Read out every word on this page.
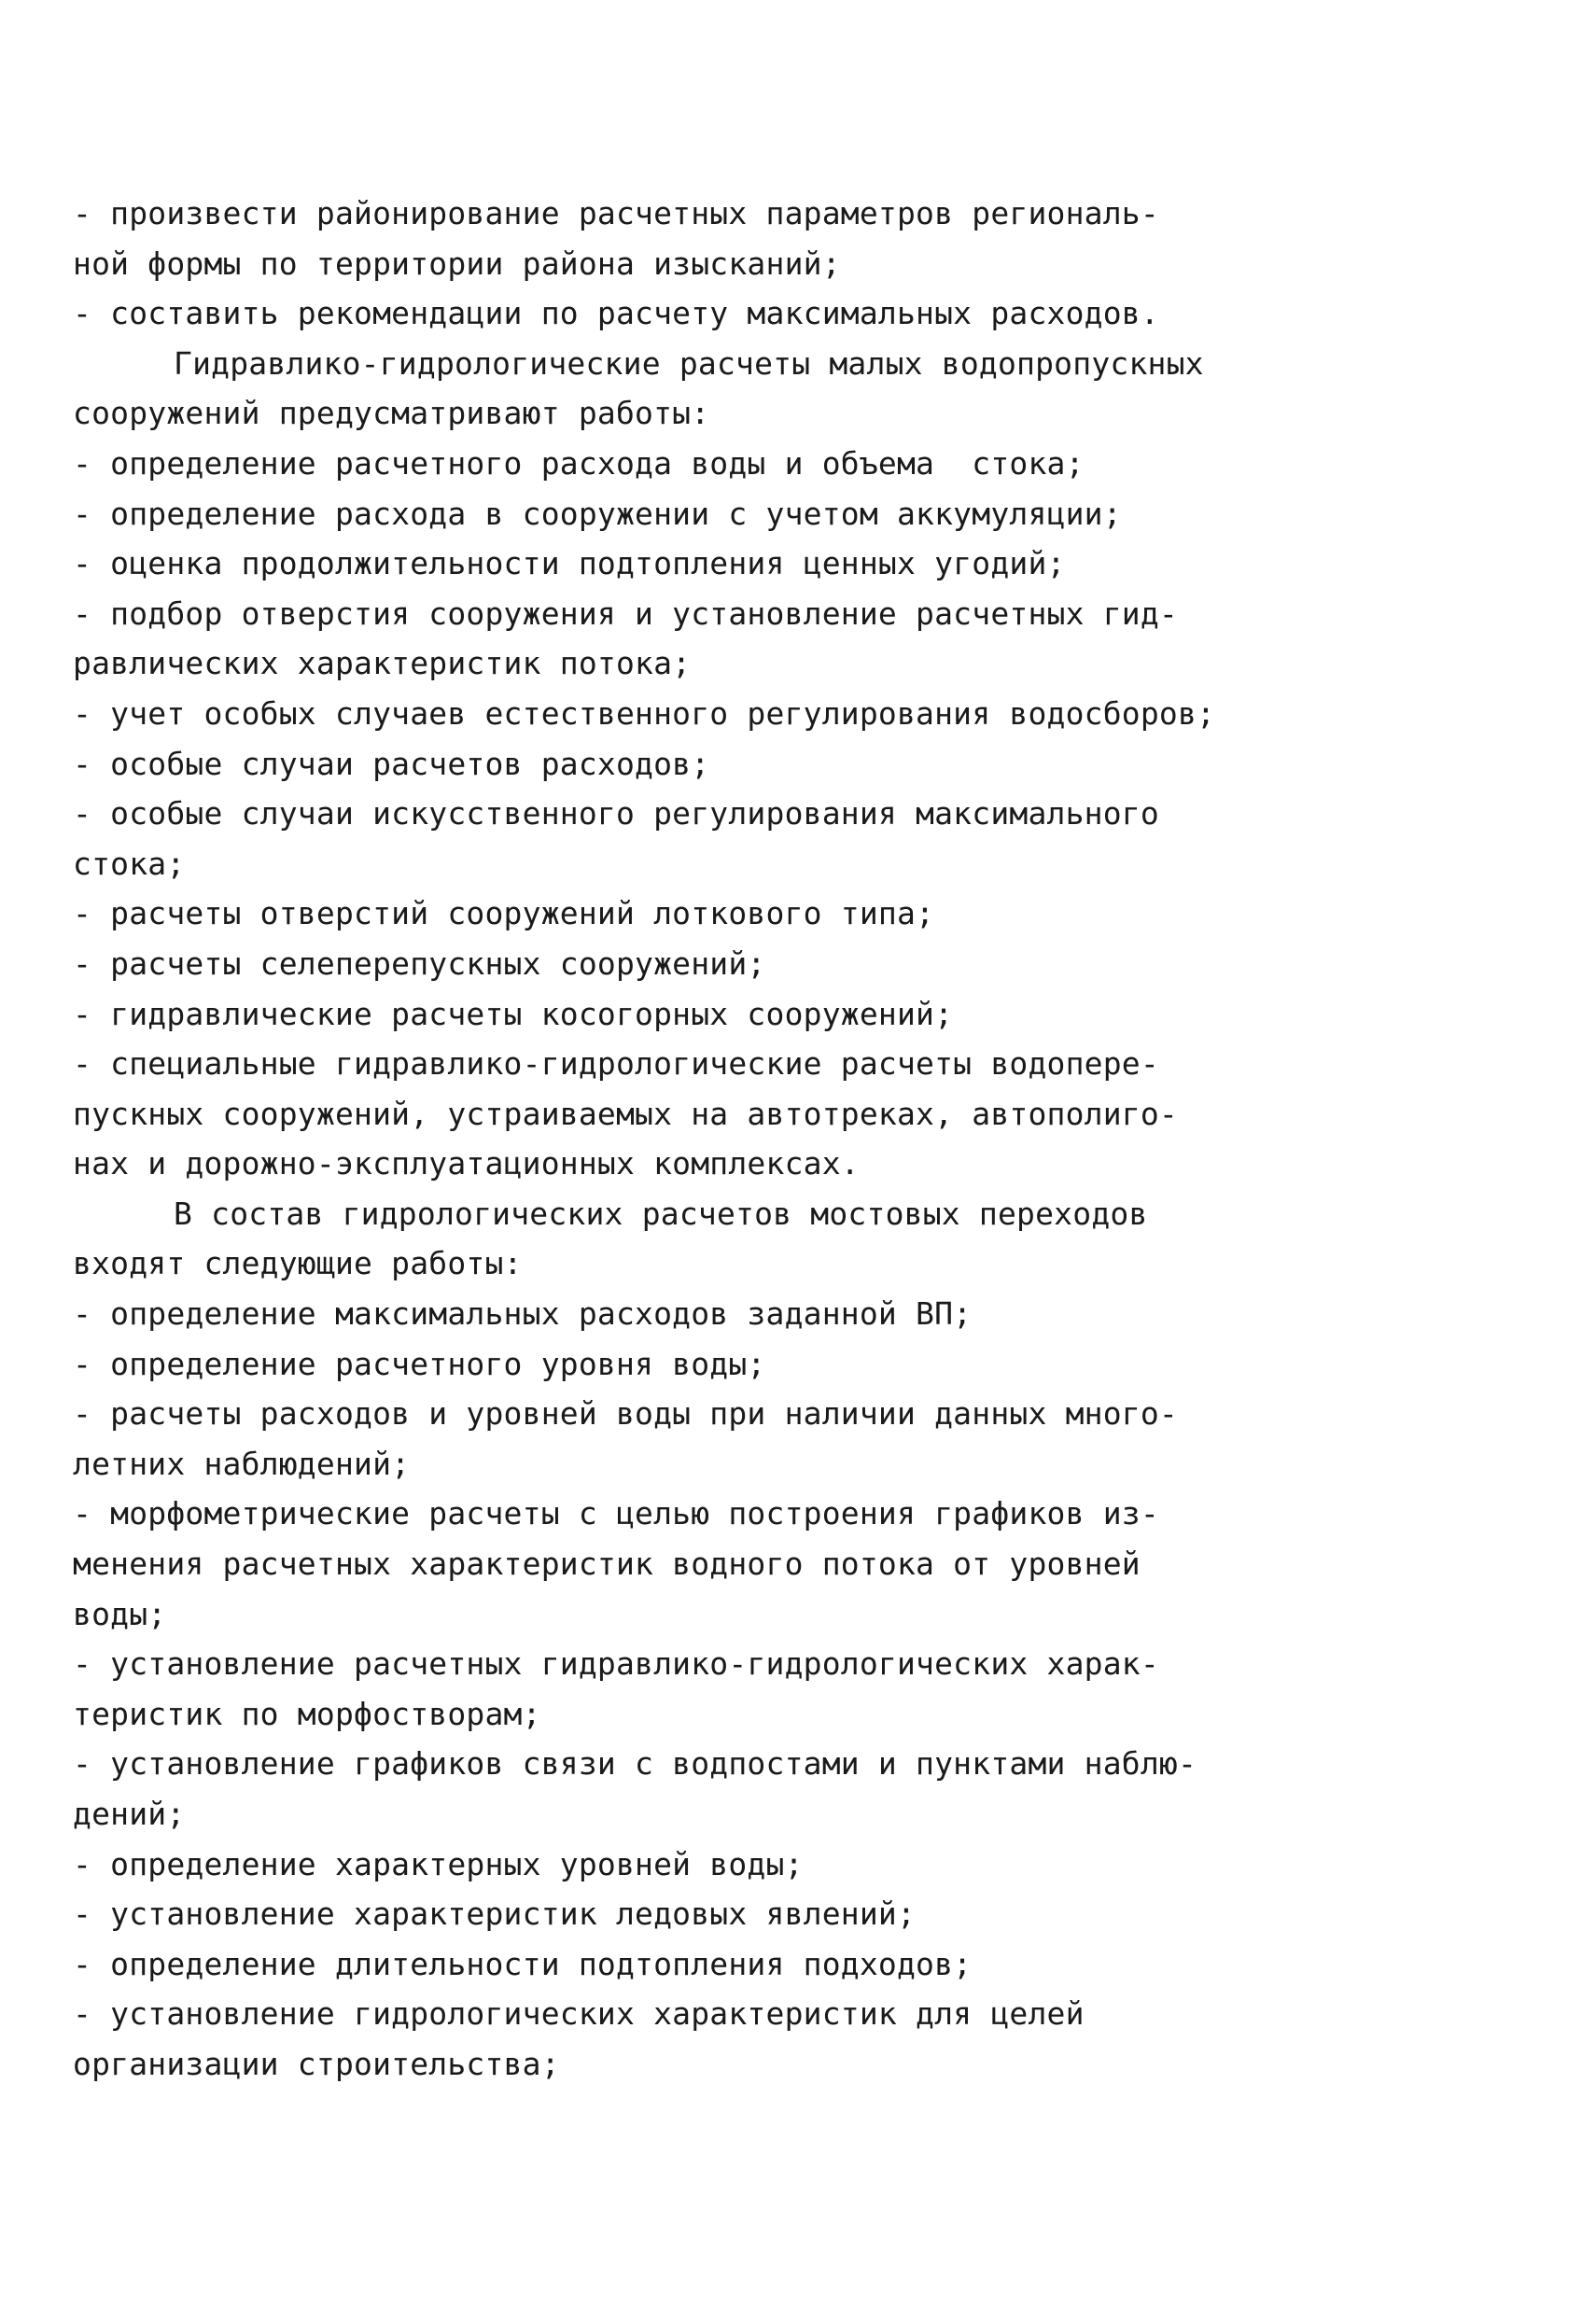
- произвести районирование расчетных параметров региональ-
ной формы по территории района изысканий;
- составить рекомендации по расчету максимальных расходов.
Гидравлико-гидрологические расчеты малых водопропускных
сооружений предусматривают работы:
- определение расчетного расхода воды и объема  стока;
- определение расхода в сооружении с учетом аккумуляции;
- оценка продолжительности подтопления ценных угодий;
- подбор отверстия сооружения и установление расчетных гид-
равлических характеристик потока;
- учет особых случаев естественного регулирования водосборов;
- особые случаи расчетов расходов;
- особые случаи искусственного регулирования максимального
стока;
- расчеты отверстий сооружений лоткового типа;
- расчеты селеперепускных сооружений;
- гидравлические расчеты косогорных сооружений;
- специальные гидравлико-гидрологические расчеты водопере-
пускных сооружений, устраиваемых на автотреках, автополиго-
нах и дорожно-эксплуатационных комплексах.
В состав гидрологических расчетов мостовых переходов
входят следующие работы:
- определение максимальных расходов заданной ВП;
- определение расчетного уровня воды;
- расчеты расходов и уровней воды при наличии данных много-
летних наблюдений;
- морфометрические расчеты с целью построения графиков из-
менения расчетных характеристик водного потока от уровней
воды;
- установление расчетных гидравлико-гидрологических харак-
теристик по морфостворам;
- установление графиков связи с водпостами и пунктами наблю-
дений;
- определение характерных уровней воды;
- установление характеристик ледовых явлений;
- определение длительности подтопления подходов;
- установление гидрологических характеристик для целей
организации строительства;
